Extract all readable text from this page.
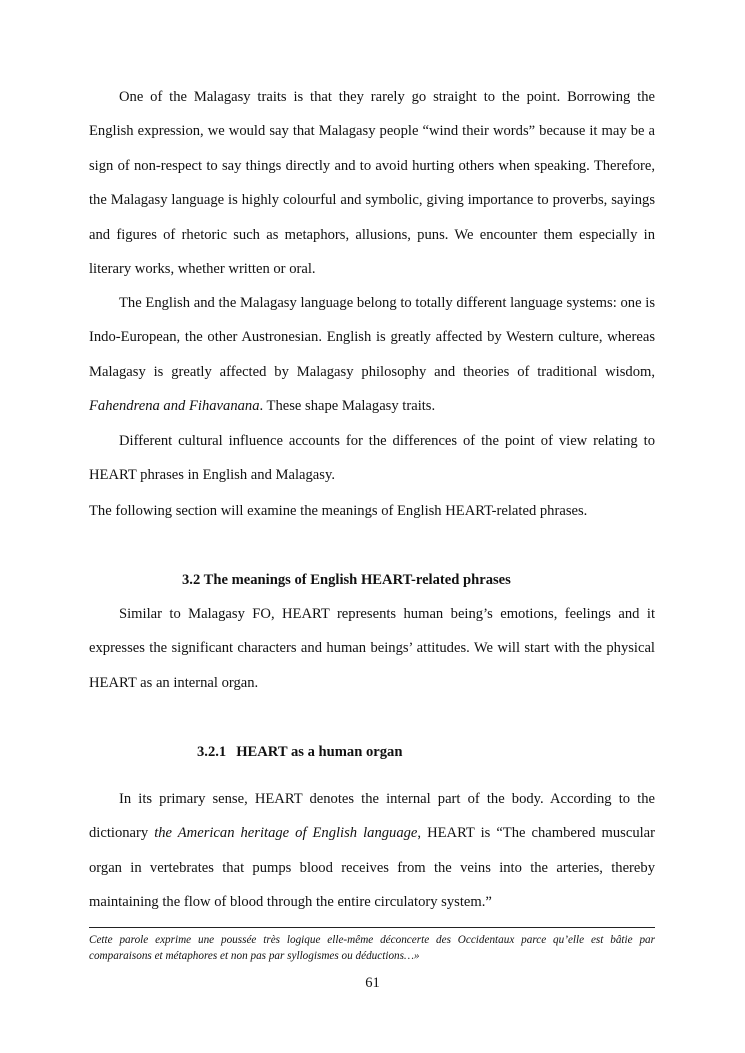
One of the Malagasy traits is that they rarely go straight to the point. Borrowing the English expression, we would say that Malagasy people “wind their words” because it may be a sign of non-respect to say things directly and to avoid hurting others when speaking. Therefore, the Malagasy language is highly colourful and symbolic, giving importance to proverbs, sayings and figures of rhetoric such as metaphors, allusions, puns. We encounter them especially in literary works, whether written or oral.

The English and the Malagasy language belong to totally different language systems: one is Indo-European, the other Austronesian. English is greatly affected by Western culture, whereas Malagasy is greatly affected by Malagasy philosophy and theories of traditional wisdom, Fahendrena and Fihavanana. These shape Malagasy traits.

Different cultural influence accounts for the differences of the point of view relating to HEART phrases in English and Malagasy.

The following section will examine the meanings of English HEART-related phrases.

3.2 The meanings of English HEART-related phrases

Similar to Malagasy FO, HEART represents human being’s emotions, feelings and it expresses the significant characters and human beings’ attitudes. We will start with the physical HEART as an internal organ.

3.2.1 HEART as a human organ

In its primary sense, HEART denotes the internal part of the body. According to the dictionary the American heritage of English language, HEART is “The chambered muscular organ in vertebrates that pumps blood receives from the veins into the arteries, thereby maintaining the flow of blood through the entire circulatory system.”

Cette parole exprime une poussée très logique elle-même déconcerte des Occidentaux parce qu’elle est bâtie par comparaisons et métaphores et non pas par syllogismes ou déductions…»

61
